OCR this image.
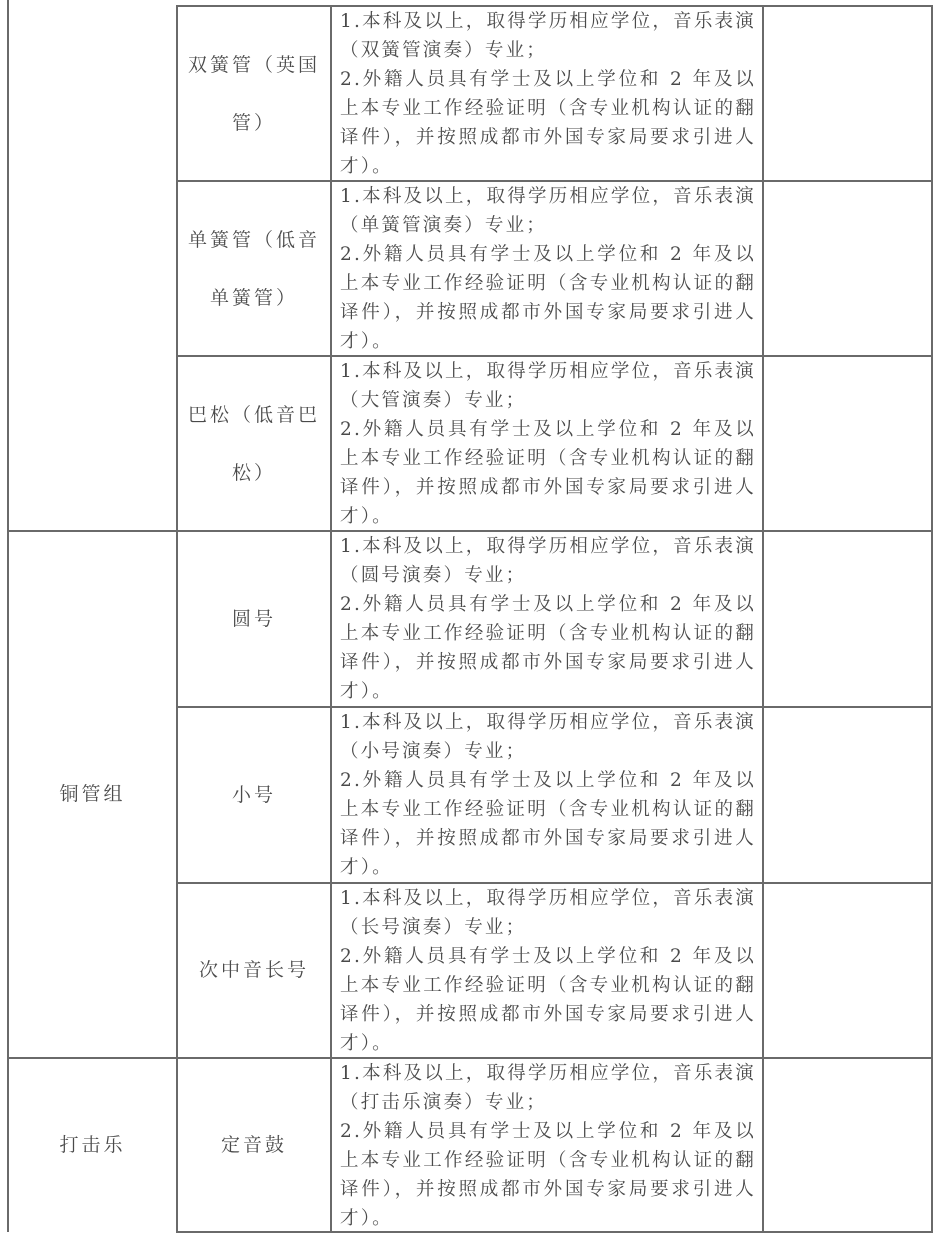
铜管组
打击乐
双簧管（英国
管）

1.本科及以上，取得学历相应学位，音乐表演（双簧管演奏）专业；

2.外籍人员具有学士及以上学位和 2 年及以上本专业工作经验证明（含专业机构认证的翻译件），并按照成都市外国专家局要求引进人才）。

单簧管（低音
单簧管）

1.本科及以上，取得学历相应学位，音乐表演（单簧管演奏）专业；

2.外籍人员具有学士及以上学位和 2 年及以上本专业工作经验证明（含专业机构认证的翻译件），并按照成都市外国专家局要求引进人才）。

巴松（低音巴
松）

1.本科及以上，取得学历相应学位，音乐表演（大管演奏）专业；

2.外籍人员具有学士及以上学位和 2 年及以上本专业工作经验证明（含专业机构认证的翻译件），并按照成都市外国专家局要求引进人才）。

圆号

1.本科及以上，取得学历相应学位，音乐表演（圆号演奏）专业；

2.外籍人员具有学士及以上学位和 2 年及以上本专业工作经验证明（含专业机构认证的翻译件），并按照成都市外国专家局要求引进人才）。

小号

1.本科及以上，取得学历相应学位，音乐表演（小号演奏）专业；

2.外籍人员具有学士及以上学位和 2 年及以上本专业工作经验证明（含专业机构认证的翻译件），并按照成都市外国专家局要求引进人才）。

次中音长号

1.本科及以上，取得学历相应学位，音乐表演（长号演奏）专业；

2.外籍人员具有学士及以上学位和 2 年及以上本专业工作经验证明（含专业机构认证的翻译件），并按照成都市外国专家局要求引进人才）。

定音鼓

1.本科及以上，取得学历相应学位，音乐表演（打击乐演奏）专业；

2.外籍人员具有学士及以上学位和 2 年及以上本专业工作经验证明（含专业机构认证的翻译件），并按照成都市外国专家局要求引进人才）。
